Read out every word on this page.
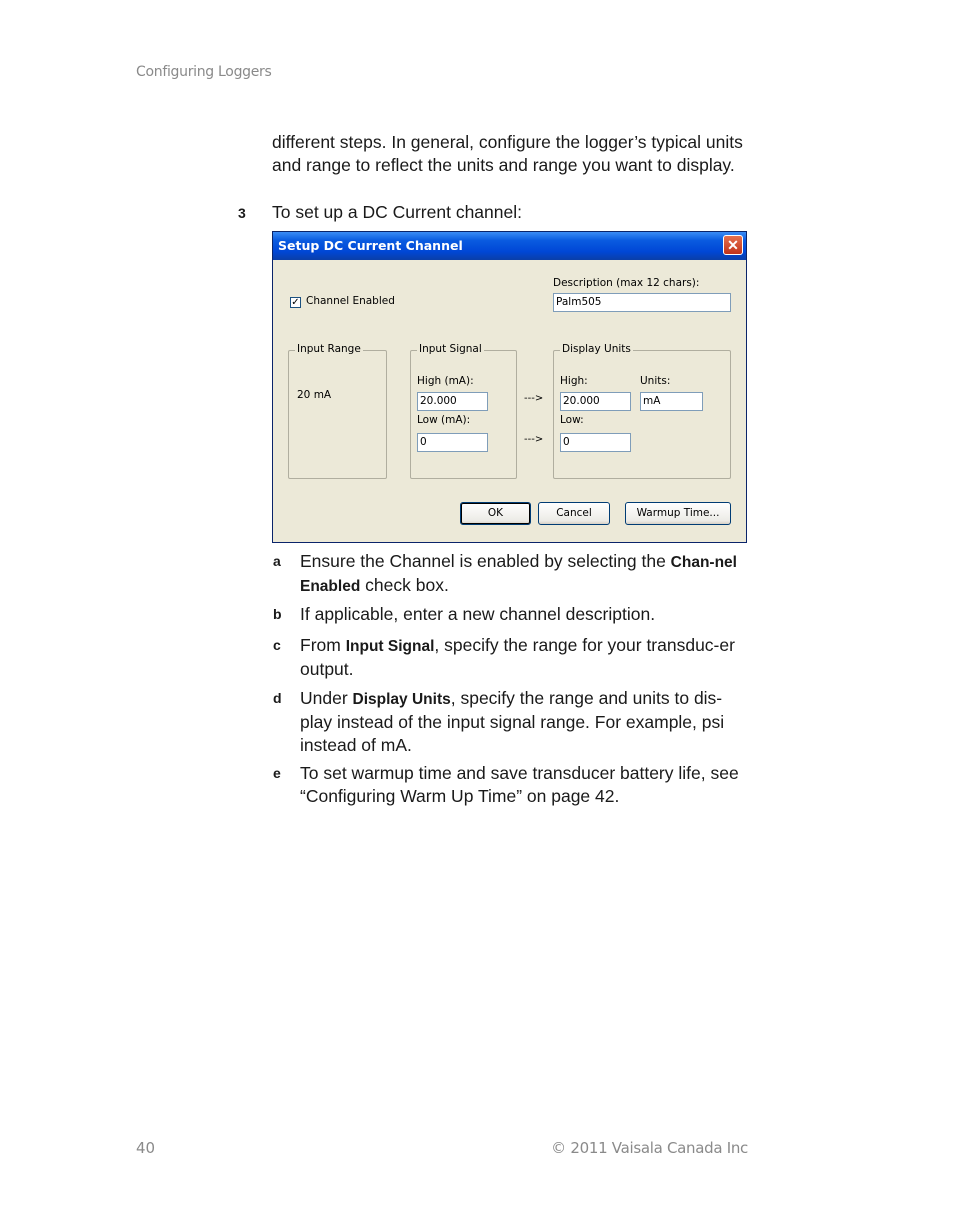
Configuring Loggers
different steps. In general, configure the logger’s typical units and range to reflect the units and range you want to display.
3 To set up a DC Current channel:
Setup DC Current Channel	✕
✓ Channel Enabled
Description (max 12 chars):
Palm505
Input Range
20 mA
Input Signal
High (mA):
20.000
Low (mA):
0
--->
--->
Display Units
High:
20.000
Units:
mA
Low:
0
OK	Cancel	Warmup Time...
a Ensure the Channel is enabled by selecting the Chan-nel Enabled check box.
b If applicable, enter a new channel description.
c From Input Signal, specify the range for your transduc-er output.
d Under Display Units, specify the range and units to dis-play instead of the input signal range. For example, psi instead of mA.
e To set warmup time and save transducer battery life, see “Configuring Warm Up Time” on page 42.
40	© 2011 Vaisala Canada Inc
